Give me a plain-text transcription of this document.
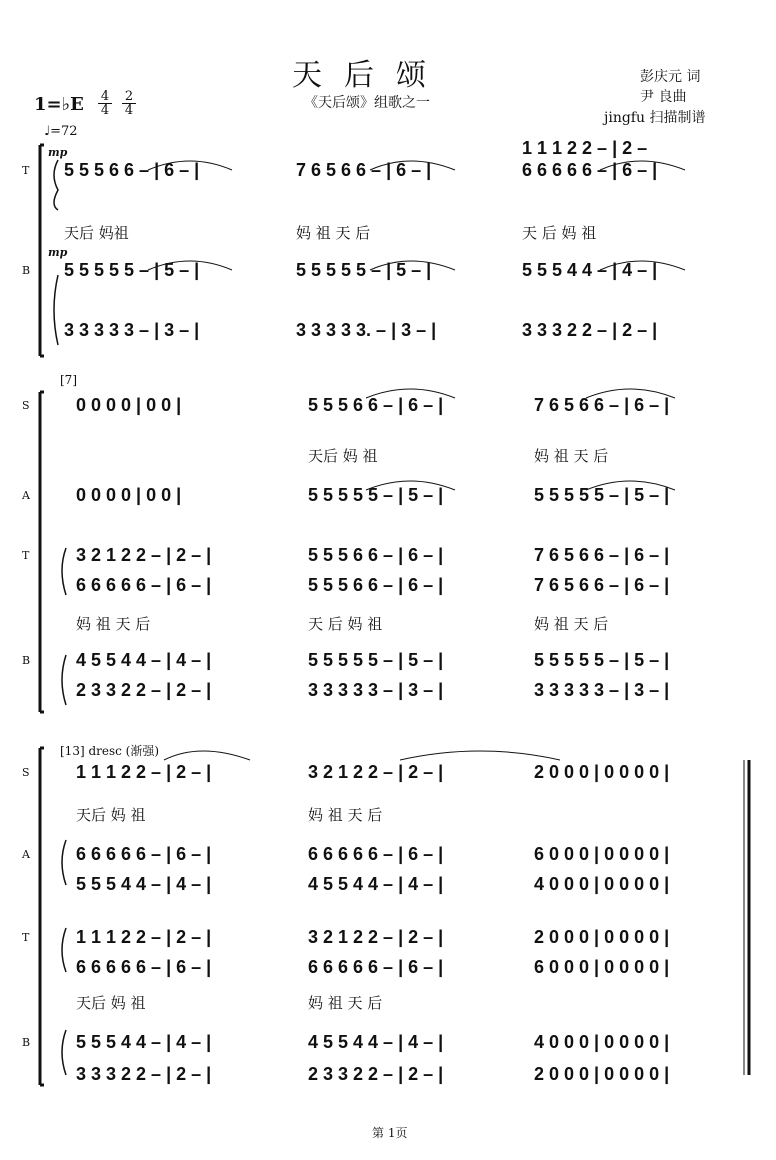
天后颂
《天后颂》组歌之一
彭庆元 词
尹 良曲
jingfu 扫描制谱
1=♭E 4
4
2
4
♩=72
T
mp
5 5 5 6 6 – | 6 – |	7 6 5 6 6 – | 6 – |	6 6 6 6 6 – | 6 – |
1 1 1 2 2 – | 2 –
天后 妈祖	妈 祖 天 后	天 后 妈 祖
B
mp
5 5 5 5 5 – | 5 – |	5 5 5 5 5 – | 5 – |	5 5 5 4 4 – | 4 – |
3 3 3 3 3 – | 3 – |	3 3 3 3 3. – | 3 – |	3 3 3 2 2 – | 2 – |
[7]
S	0 0 0 0 | 0 0 |	5 5 5 6 6 – | 6 – |	7 6 5 6 6 – | 6 – |
天后 妈 祖	妈 祖 天 后
A	0 0 0 0 | 0 0 |	5 5 5 5 5 – | 5 – |	5 5 5 5 5 – | 5 – |
T	3 2 1 2 2 – | 2 – |	5 5 5 6 6 – | 6 – |	7 6 5 6 6 – | 6 – |
6 6 6 6 6 – | 6 – |	5 5 5 6 6 – | 6 – |	7 6 5 6 6 – | 6 – |
妈 祖 天 后	天 后 妈 祖	妈 祖 天 后
B	4 5 5 4 4 – | 4 – |	5 5 5 5 5 – | 5 – |	5 5 5 5 5 – | 5 – |
2 3 3 2 2 – | 2 – |	3 3 3 3 3 – | 3 – |	3 3 3 3 3 – | 3 – |
[13] dresc (渐强)
S	1 1 1 2 2 – | 2 – |	3 2 1 2 2 – | 2 – |	2 0 0 0 | 0 0 0 0 |
天后 妈 祖	妈 祖 天 后
A	6 6 6 6 6 – | 6 – |	6 6 6 6 6 – | 6 – |	6 0 0 0 | 0 0 0 0 |
5 5 5 4 4 – | 4 – |	4 5 5 4 4 – | 4 – |	4 0 0 0 | 0 0 0 0 |
T	1 1 1 2 2 – | 2 – |	3 2 1 2 2 – | 2 – |	2 0 0 0 | 0 0 0 0 |
6 6 6 6 6 – | 6 – |	6 6 6 6 6 – | 6 – |	6 0 0 0 | 0 0 0 0 |
天后 妈 祖	妈 祖 天 后
B	5 5 5 4 4 – | 4 – |	4 5 5 4 4 – | 4 – |	4 0 0 0 | 0 0 0 0 |
3 3 3 2 2 – | 2 – |	2 3 3 2 2 – | 2 – |	2 0 0 0 | 0 0 0 0 |
第 1页
